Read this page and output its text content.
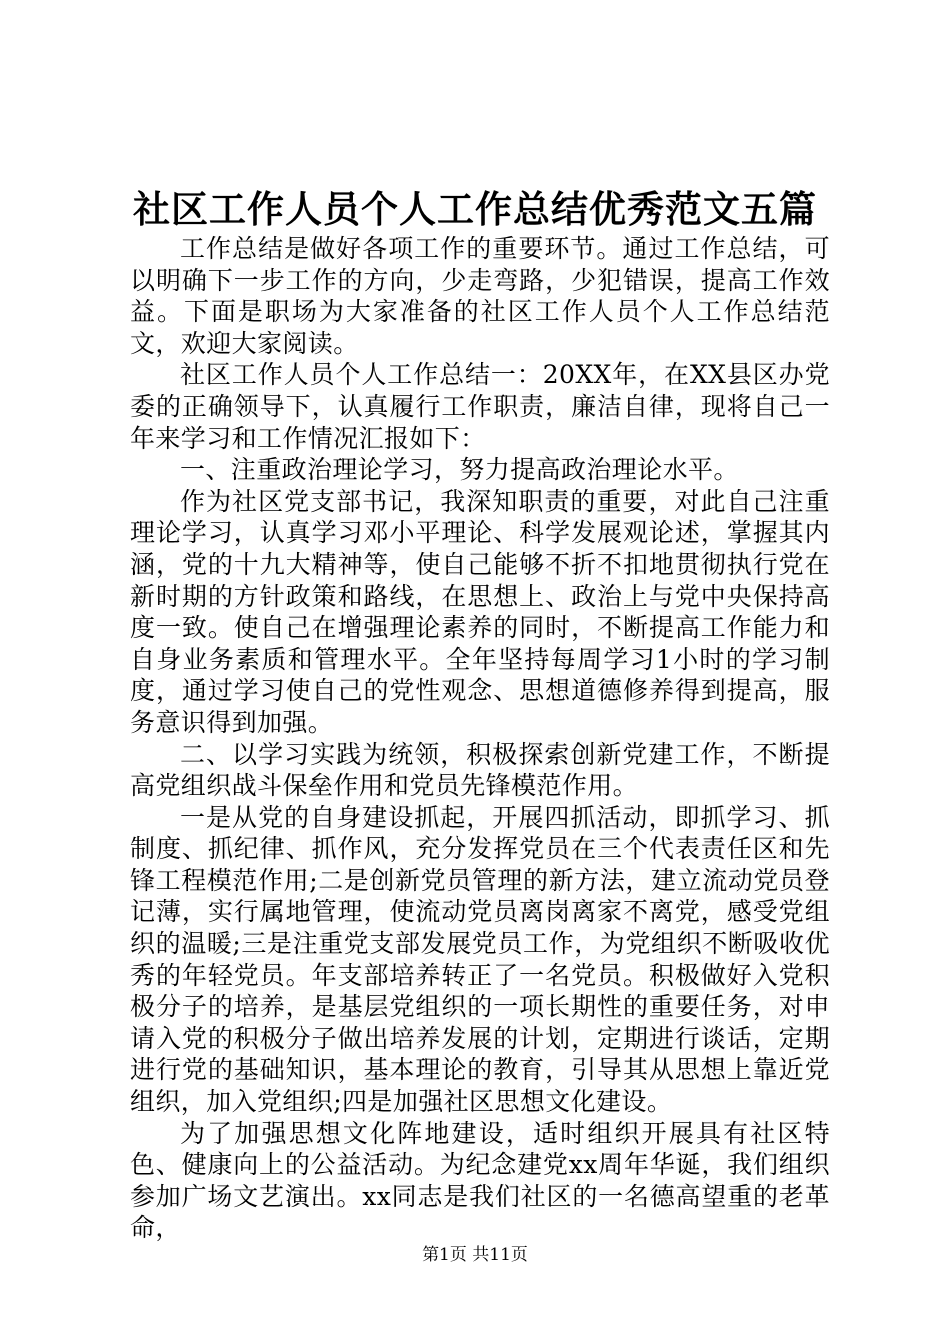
社区工作人员个人工作总结优秀范文五篇

工作总结是做好各项工作的重要环节。通过工作总结，可以明确下一步工作的方向，少走弯路，少犯错误，提高工作效益。下面是职场为大家准备的社区工作人员个人工作总结范文，欢迎大家阅读。

社区工作人员个人工作总结一：20XX年，在XX县区办党委的正确领导下，认真履行工作职责，廉洁自律，现将自己一年来学习和工作情况汇报如下：

一、注重政治理论学习，努力提高政治理论水平。

作为社区党支部书记，我深知职责的重要，对此自己注重理论学习，认真学习邓小平理论、科学发展观论述，掌握其内涵，党的十九大精神等，使自己能够不折不扣地贯彻执行党在新时期的方针政策和路线，在思想上、政治上与党中央保持高度一致。使自己在增强理论素养的同时，不断提高工作能力和自身业务素质和管理水平。全年坚持每周学习1小时的学习制度，通过学习使自己的党性观念、思想道德修养得到提高，服务意识得到加强。

二、以学习实践为统领，积极探索创新党建工作，不断提高党组织战斗保垒作用和党员先锋模范作用。

一是从党的自身建设抓起，开展四抓活动，即抓学习、抓制度、抓纪律、抓作风，充分发挥党员在三个代表责任区和先锋工程模范作用;二是创新党员管理的新方法，建立流动党员登记薄，实行属地管理，使流动党员离岗离家不离党，感受党组织的温暖;三是注重党支部发展党员工作，为党组织不断吸收优秀的年轻党员。年支部培养转正了一名党员。积极做好入党积极分子的培养，是基层党组织的一项长期性的重要任务，对申请入党的积极分子做出培养发展的计划，定期进行谈话，定期进行党的基础知识，基本理论的教育，引导其从思想上靠近党组织，加入党组织;四是加强社区思想文化建设。

为了加强思想文化阵地建设，适时组织开展具有社区特色、健康向上的公益活动。为纪念建党xx周年华诞，我们组织参加广场文艺演出。xx同志是我们社区的一名德高望重的老革命，

第1页 共11页
